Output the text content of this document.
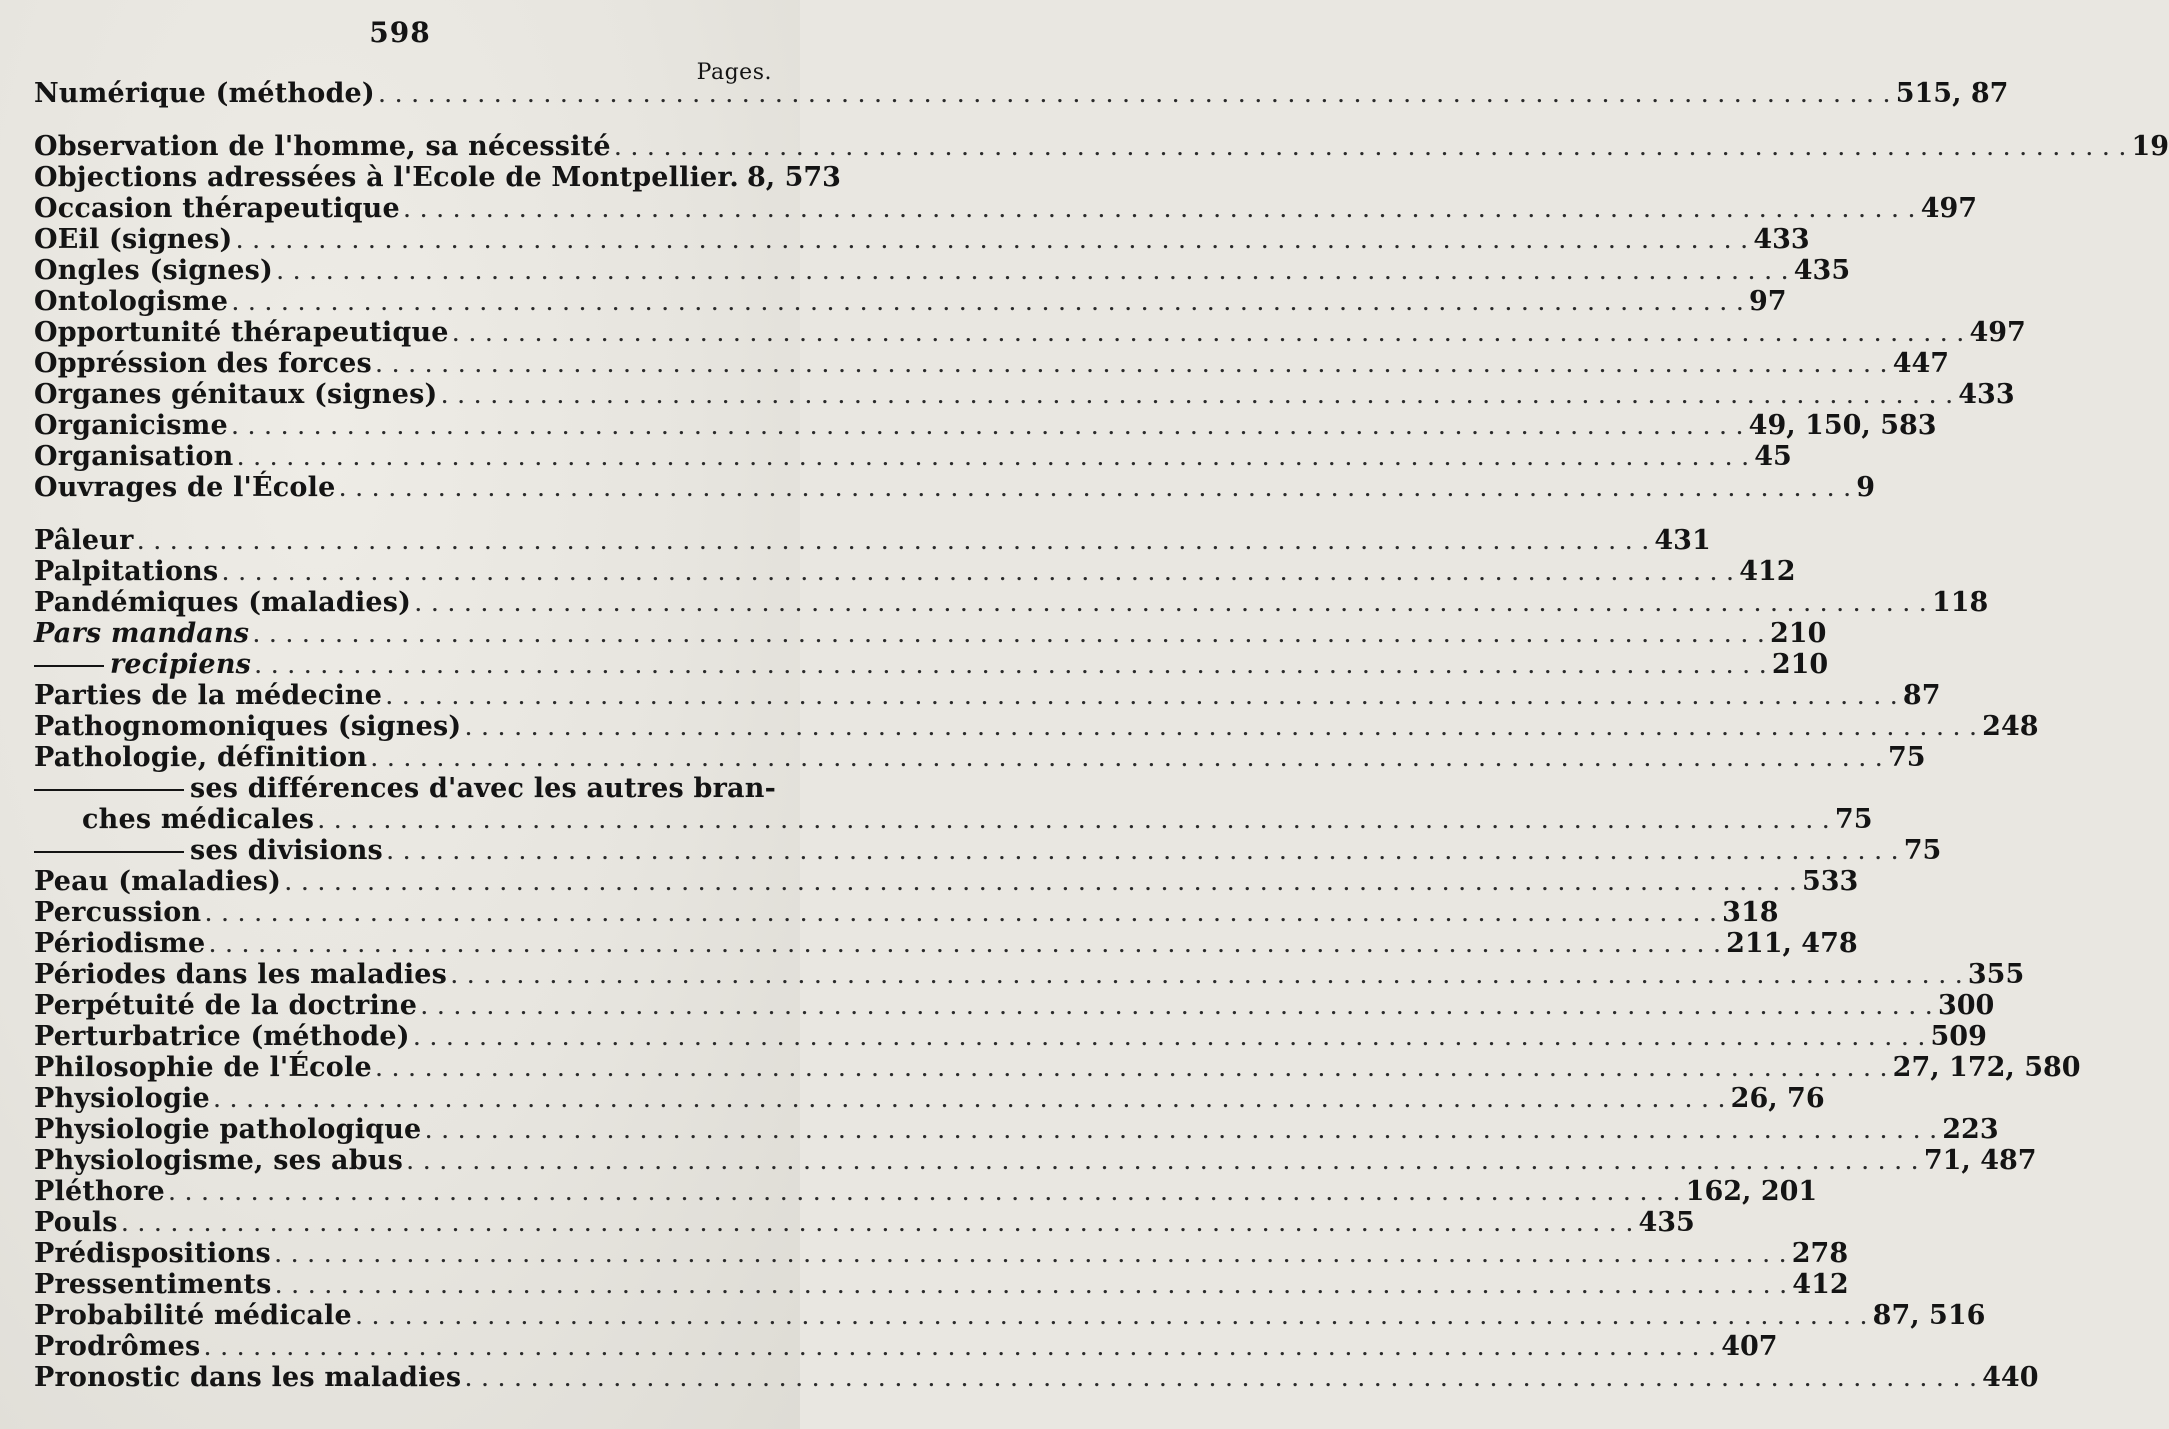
598
Pages.
Numérique (méthode) . . .	515, 87
Observation de l'homme, sa nécessité . . .	19
Objections adressées à l'Ecole de Montpellier. 8, 573
Occasion thérapeutique . . .	497
OEil (signes) . . .	433
Ongles (signes) . . .	435
Ontologisme . . .	97
Opportunité thérapeutique . . .	497
Oppréssion des forces . . .	447
Organes génitaux (signes) . . .	433
Organicisme . . .	49, 150, 583
Organisation . . .	45
Ouvrages de l'École . . .	9
Pâleur . . .	431
Palpitations . . .	412
Pandémiques (maladies) . . .	118
Pars mandans . . .	210
recipiens . . .	210
Parties de la médecine . . .	87
Pathognomoniques (signes) . . .	248
Pathologie, définition . . .	75
ses différences d'avec les autres bran-
ches médicales . . .	75
ses divisions . . .	75
Peau (maladies) . . .	533
Percussion . . .	318
Périodisme . . .	211, 478
Périodes dans les maladies . . .	355
Perpétuité de la doctrine . . .	300
Perturbatrice (méthode) . . .	509
Philosophie de l'École . . .	27, 172, 580
Physiologie . . .	26, 76
Physiologie pathologique . . .	223
Physiologisme, ses abus . . .	71, 487
Pléthore . . .	162, 201
Pouls . . .	435
Prédispositions . . .	278
Pressentiments . . .	412
Probabilité médicale . . .	87, 516
Prodrômes . . .	407
Pronostic dans les maladies . . .	440
